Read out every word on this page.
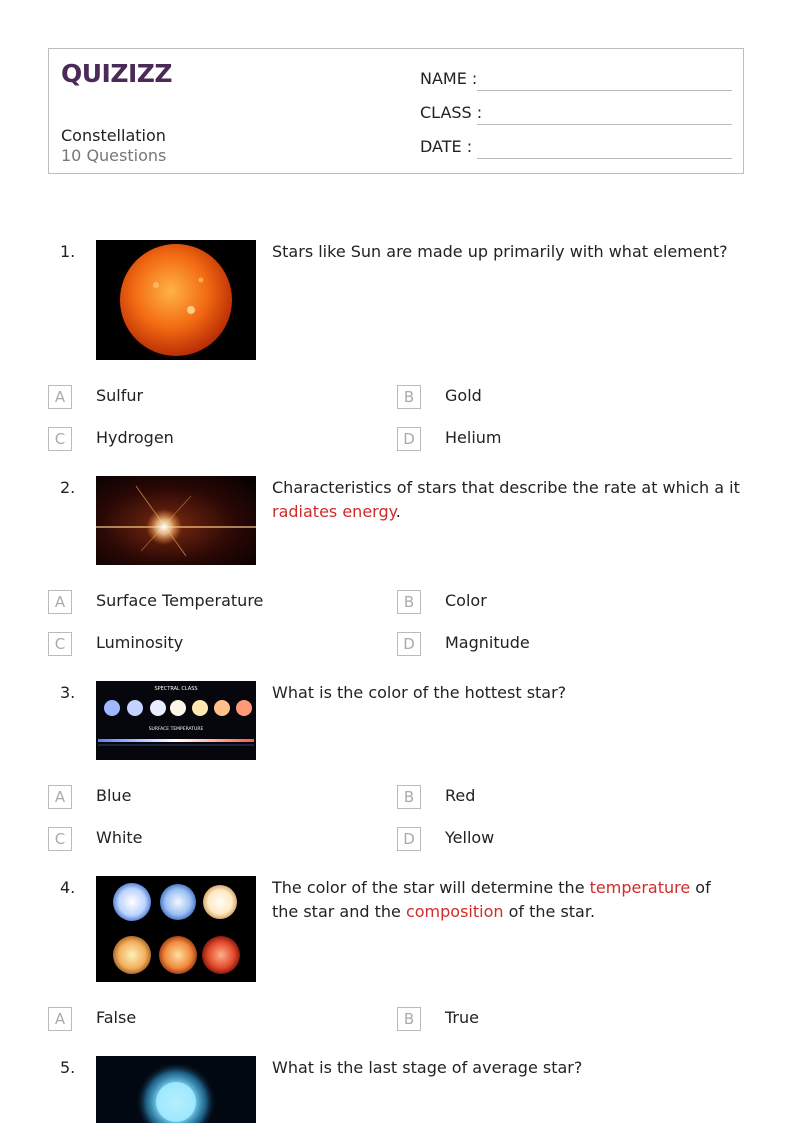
QUIZIZZ
Constellation
10 Questions
NAME :
CLASS :
DATE :
1.	Stars like Sun are made up primarily with what element?
A	Sulfur	B	Gold
C	Hydrogen	D	Helium
2.	Characteristics of stars that describe the rate at which a it radiates energy.
A	Surface Temperature	B	Color
C	Luminosity	D	Magnitude
3.	SPECTRAL CLASS
SURFACE TEMPERATURE
What is the color of the hottest star?
A	Blue	B	Red
C	White	D	Yellow
4.	The color of the star will determine the temperature of the star and the composition of the star.
A	False	B	True
5.	What is the last stage of average star?
